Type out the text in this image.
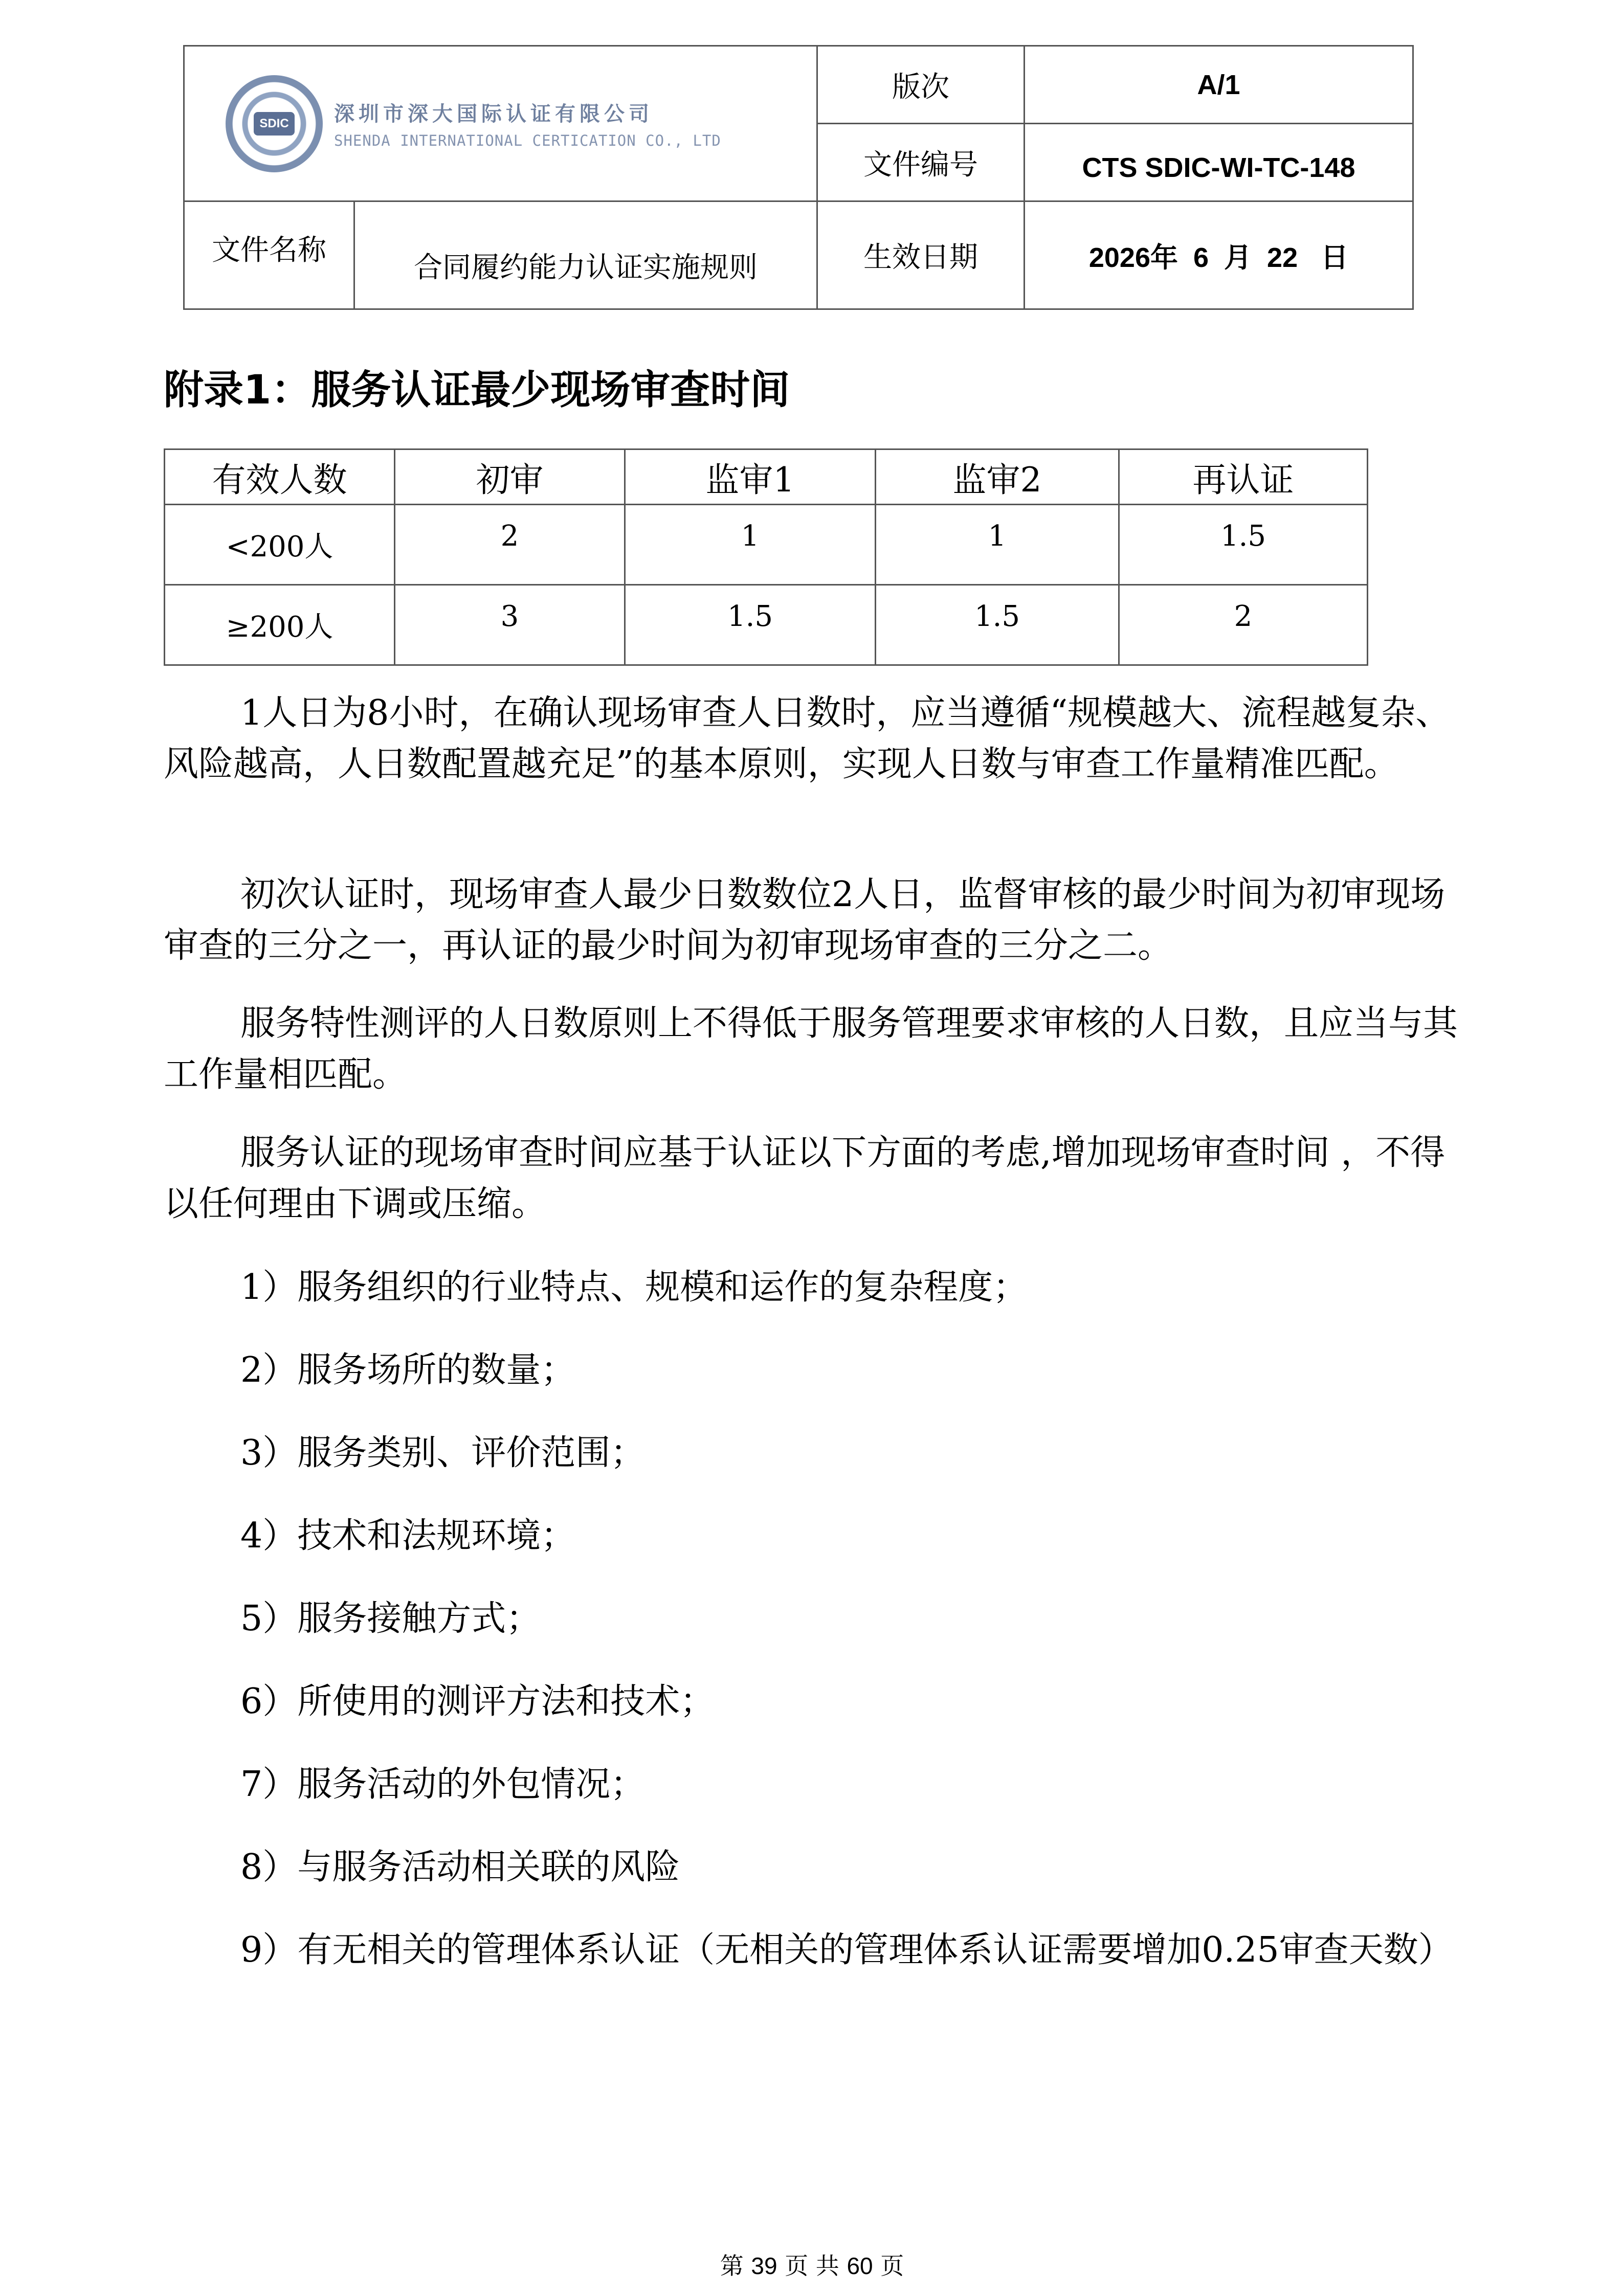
SDIC 深圳市深大国际认证有限公司
SHENDA INTERNATIONAL CERTICATION CO., LTD		版次	A/1
		文件编号	CTS SDIC-WI-TC-148
文件名称	合同履约能力认证实施规则	生效日期	2026年  6  月  22   日
附录1：服务认证最少现场审查时间
有效人数	初审	监审1	监审2	再认证
<200人	2	1	1	1.5
≥200人	3	1.5	1.5	2

1人日为8小时，在确认现场审查人日数时，应当遵循“规模越大、流程越复杂、风险越高，人日数配置越充足”的基本原则，实现人日数与审查工作量精准匹配。

初次认证时，现场审查人最少日数数位2人日，监督审核的最少时间为初审现场审查的三分之一，再认证的最少时间为初审现场审查的三分之二。

服务特性测评的人日数原则上不得低于服务管理要求审核的人日数，且应当与其工作量相匹配。

服务认证的现场审查时间应基于认证以下方面的考虑,增加现场审查时间 ，不得以任何理由下调或压缩。

1）服务组织的行业特点、规模和运作的复杂程度；

2）服务场所的数量；

3）服务类别、评价范围；

4）技术和法规环境；

5）服务接触方式；

6）所使用的测评方法和技术；

7）服务活动的外包情况；

8）与服务活动相关联的风险

9）有无相关的管理体系认证（无相关的管理体系认证需要增加0.25审查天数）

第 39 页 共 60 页
